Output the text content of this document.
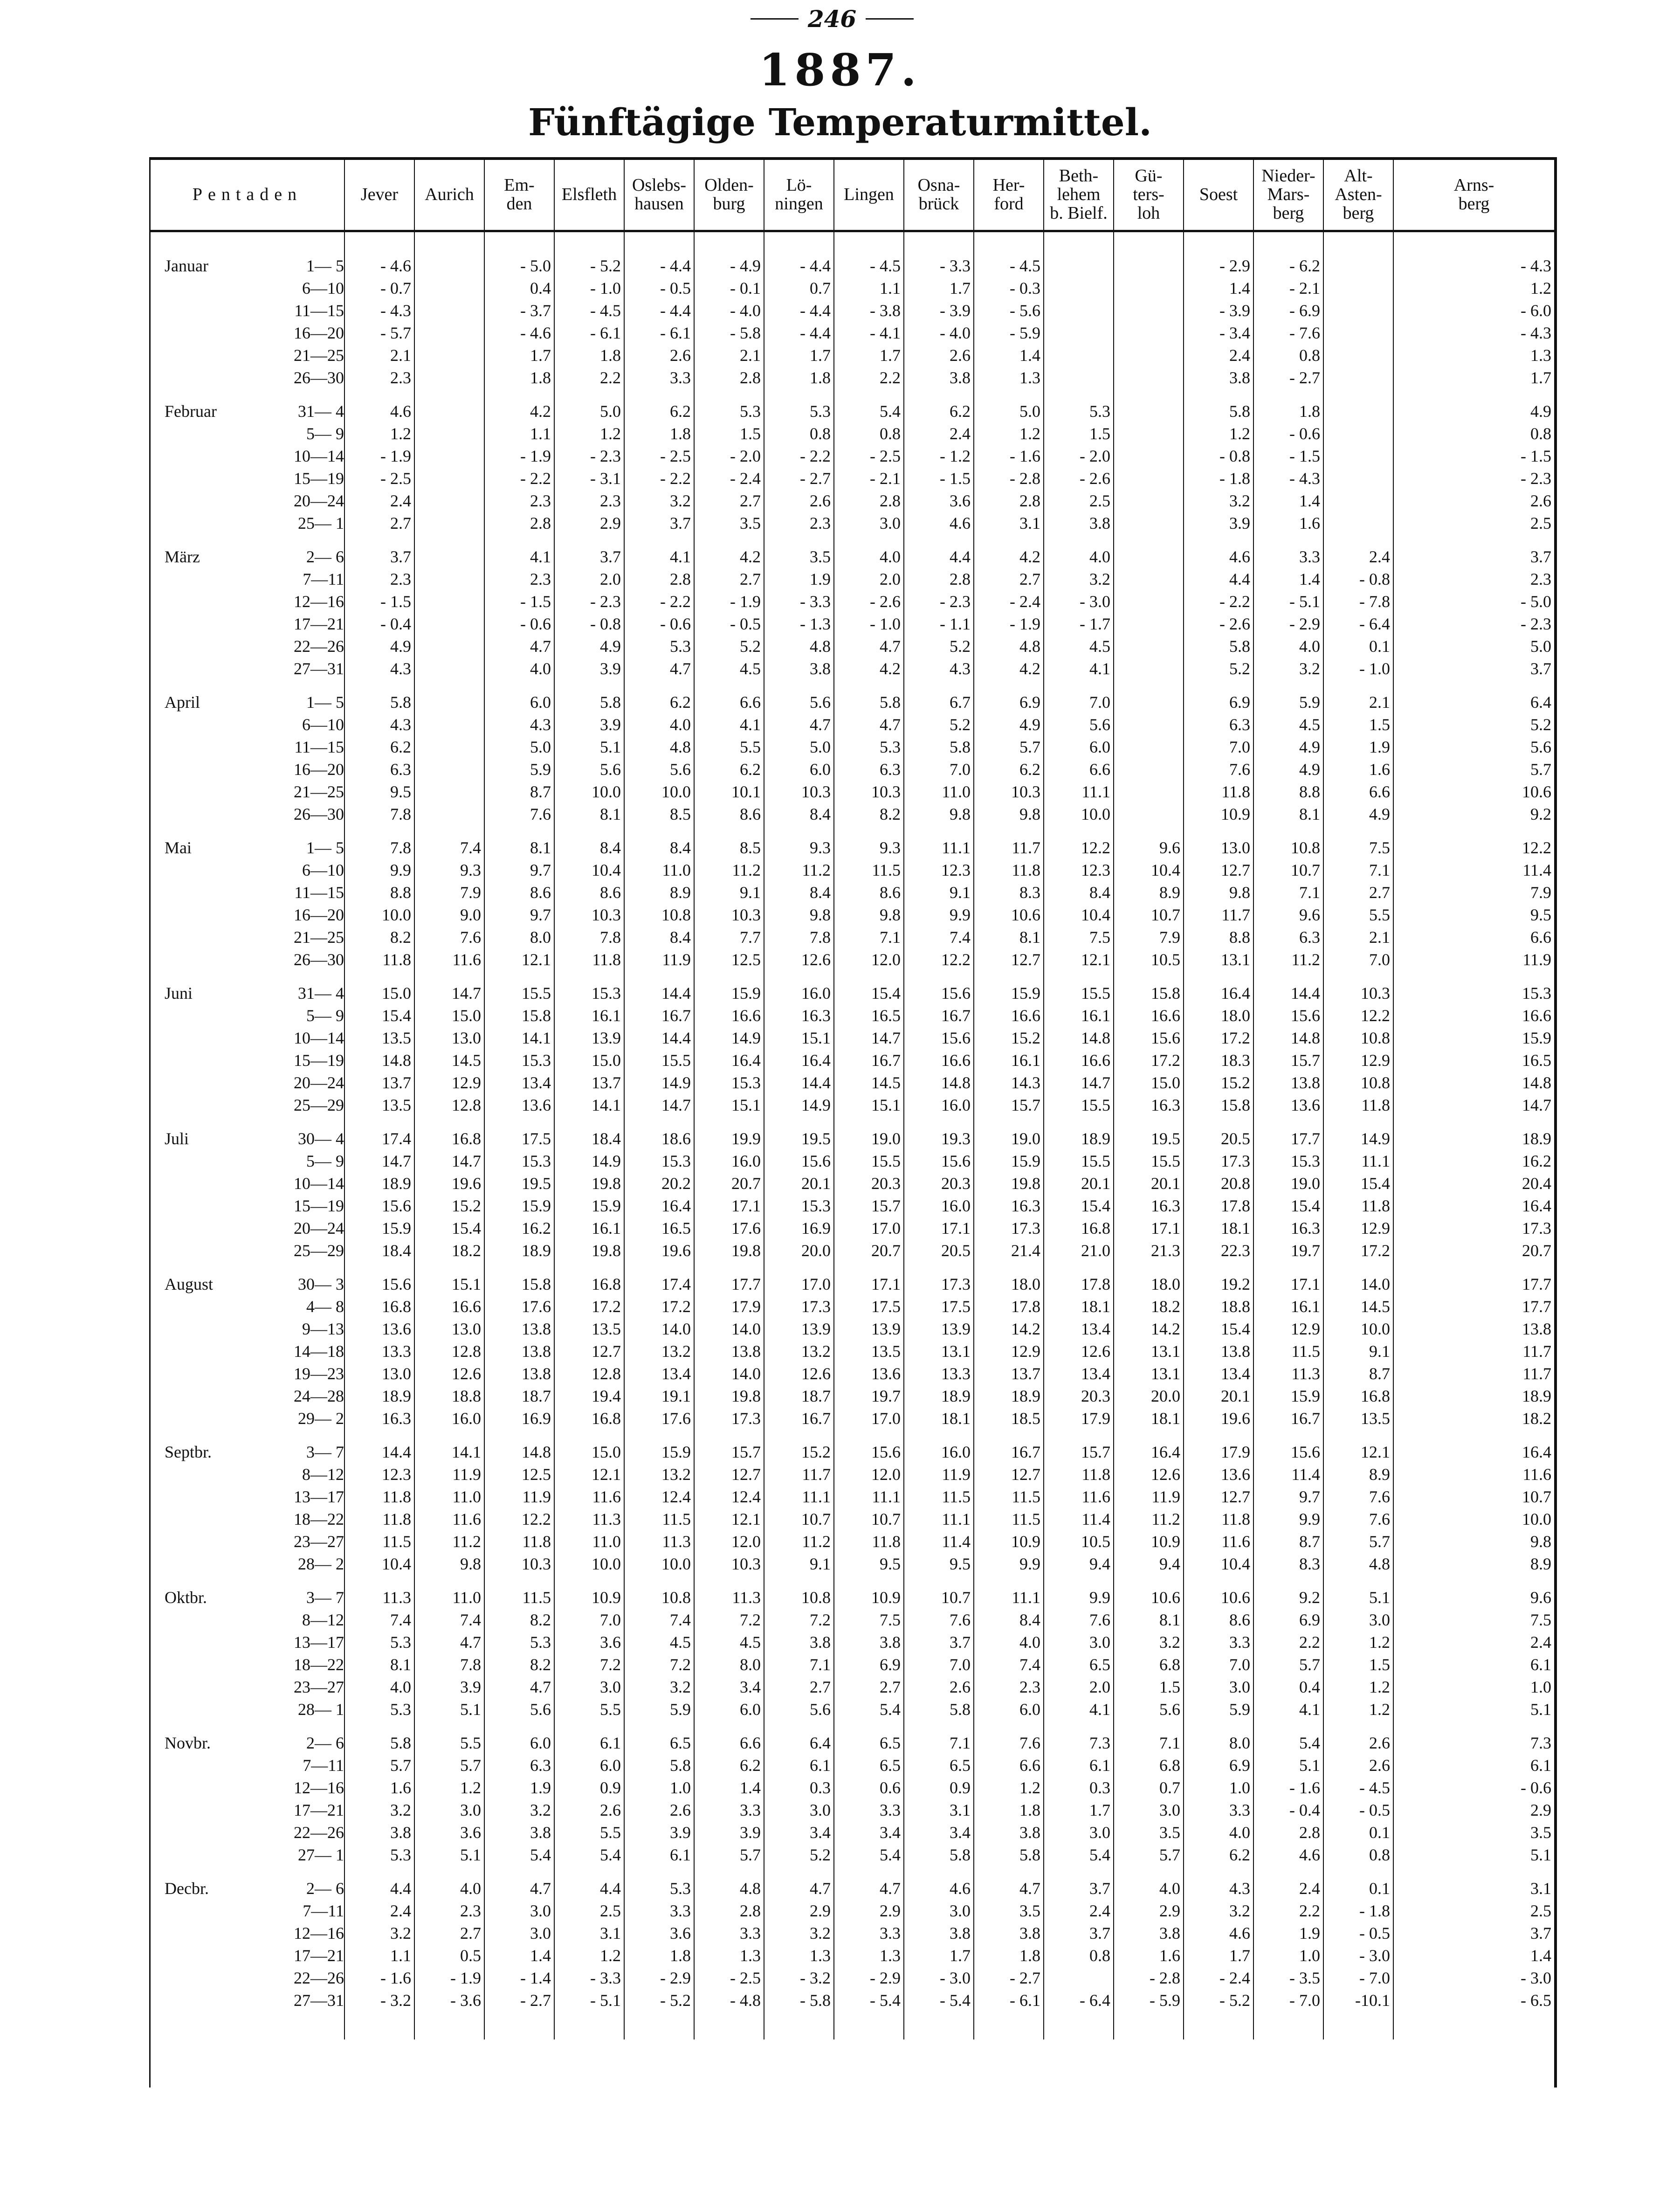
246
1887.
Fünftägige Temperaturmittel.
Pentaden	Jever	Aurich	Em-
den	Elsfleth	Oslebs-
hausen	Olden-
burg	Lö-
ningen	Lingen	Osna-
brück	Her-
ford	Beth-
lehem
b. Bielf.	Gü-
ters-
loh	Soest	Nieder-
Mars-
berg	Alt-
Asten-
berg	Arns-
berg

Januar 1— 5	- 4.6		- 5.0	- 5.2	- 4.4	- 4.9	- 4.4	- 4.5	- 3.3	- 4.5			- 2.9	- 6.2		- 4.3
6—10	- 0.7		0.4	- 1.0	- 0.5	- 0.1	0.7	1.1	1.7	- 0.3			1.4	- 2.1		1.2
11—15	- 4.3		- 3.7	- 4.5	- 4.4	- 4.0	- 4.4	- 3.8	- 3.9	- 5.6			- 3.9	- 6.9		- 6.0
16—20	- 5.7		- 4.6	- 6.1	- 6.1	- 5.8	- 4.4	- 4.1	- 4.0	- 5.9			- 3.4	- 7.6		- 4.3
21—25	2.1		1.7	1.8	2.6	2.1	1.7	1.7	2.6	1.4			2.4	0.8		1.3
26—30	2.3		1.8	2.2	3.3	2.8	1.8	2.2	3.8	1.3			3.8	- 2.7		1.7

Februar 31— 4	4.6		4.2	5.0	6.2	5.3	5.3	5.4	6.2	5.0	5.3		5.8	1.8		4.9
5— 9	1.2		1.1	1.2	1.8	1.5	0.8	0.8	2.4	1.2	1.5		1.2	- 0.6		0.8
10—14	- 1.9		- 1.9	- 2.3	- 2.5	- 2.0	- 2.2	- 2.5	- 1.2	- 1.6	- 2.0		- 0.8	- 1.5		- 1.5
15—19	- 2.5		- 2.2	- 3.1	- 2.2	- 2.4	- 2.7	- 2.1	- 1.5	- 2.8	- 2.6		- 1.8	- 4.3		- 2.3
20—24	2.4		2.3	2.3	3.2	2.7	2.6	2.8	3.6	2.8	2.5		3.2	1.4		2.6
25— 1	2.7		2.8	2.9	3.7	3.5	2.3	3.0	4.6	3.1	3.8		3.9	1.6		2.5

März 2— 6	3.7		4.1	3.7	4.1	4.2	3.5	4.0	4.4	4.2	4.0		4.6	3.3	2.4	3.7
7—11	2.3		2.3	2.0	2.8	2.7	1.9	2.0	2.8	2.7	3.2		4.4	1.4	- 0.8	2.3
12—16	- 1.5		- 1.5	- 2.3	- 2.2	- 1.9	- 3.3	- 2.6	- 2.3	- 2.4	- 3.0		- 2.2	- 5.1	- 7.8	- 5.0
17—21	- 0.4		- 0.6	- 0.8	- 0.6	- 0.5	- 1.3	- 1.0	- 1.1	- 1.9	- 1.7		- 2.6	- 2.9	- 6.4	- 2.3
22—26	4.9		4.7	4.9	5.3	5.2	4.8	4.7	5.2	4.8	4.5		5.8	4.0	0.1	5.0
27—31	4.3		4.0	3.9	4.7	4.5	3.8	4.2	4.3	4.2	4.1		5.2	3.2	- 1.0	3.7

April 1— 5	5.8		6.0	5.8	6.2	6.6	5.6	5.8	6.7	6.9	7.0		6.9	5.9	2.1	6.4
6—10	4.3		4.3	3.9	4.0	4.1	4.7	4.7	5.2	4.9	5.6		6.3	4.5	1.5	5.2
11—15	6.2		5.0	5.1	4.8	5.5	5.0	5.3	5.8	5.7	6.0		7.0	4.9	1.9	5.6
16—20	6.3		5.9	5.6	5.6	6.2	6.0	6.3	7.0	6.2	6.6		7.6	4.9	1.6	5.7
21—25	9.5		8.7	10.0	10.0	10.1	10.3	10.3	11.0	10.3	11.1		11.8	8.8	6.6	10.6
26—30	7.8		7.6	8.1	8.5	8.6	8.4	8.2	9.8	9.8	10.0		10.9	8.1	4.9	9.2

Mai 1— 5	7.8	7.4	8.1	8.4	8.4	8.5	9.3	9.3	11.1	11.7	12.2	9.6	13.0	10.8	7.5	12.2
6—10	9.9	9.3	9.7	10.4	11.0	11.2	11.2	11.5	12.3	11.8	12.3	10.4	12.7	10.7	7.1	11.4
11—15	8.8	7.9	8.6	8.6	8.9	9.1	8.4	8.6	9.1	8.3	8.4	8.9	9.8	7.1	2.7	7.9
16—20	10.0	9.0	9.7	10.3	10.8	10.3	9.8	9.8	9.9	10.6	10.4	10.7	11.7	9.6	5.5	9.5
21—25	8.2	7.6	8.0	7.8	8.4	7.7	7.8	7.1	7.4	8.1	7.5	7.9	8.8	6.3	2.1	6.6
26—30	11.8	11.6	12.1	11.8	11.9	12.5	12.6	12.0	12.2	12.7	12.1	10.5	13.1	11.2	7.0	11.9

Juni 31— 4	15.0	14.7	15.5	15.3	14.4	15.9	16.0	15.4	15.6	15.9	15.5	15.8	16.4	14.4	10.3	15.3
5— 9	15.4	15.0	15.8	16.1	16.7	16.6	16.3	16.5	16.7	16.6	16.1	16.6	18.0	15.6	12.2	16.6
10—14	13.5	13.0	14.1	13.9	14.4	14.9	15.1	14.7	15.6	15.2	14.8	15.6	17.2	14.8	10.8	15.9
15—19	14.8	14.5	15.3	15.0	15.5	16.4	16.4	16.7	16.6	16.1	16.6	17.2	18.3	15.7	12.9	16.5
20—24	13.7	12.9	13.4	13.7	14.9	15.3	14.4	14.5	14.8	14.3	14.7	15.0	15.2	13.8	10.8	14.8
25—29	13.5	12.8	13.6	14.1	14.7	15.1	14.9	15.1	16.0	15.7	15.5	16.3	15.8	13.6	11.8	14.7

Juli 30— 4	17.4	16.8	17.5	18.4	18.6	19.9	19.5	19.0	19.3	19.0	18.9	19.5	20.5	17.7	14.9	18.9
5— 9	14.7	14.7	15.3	14.9	15.3	16.0	15.6	15.5	15.6	15.9	15.5	15.5	17.3	15.3	11.1	16.2
10—14	18.9	19.6	19.5	19.8	20.2	20.7	20.1	20.3	20.3	19.8	20.1	20.1	20.8	19.0	15.4	20.4
15—19	15.6	15.2	15.9	15.9	16.4	17.1	15.3	15.7	16.0	16.3	15.4	16.3	17.8	15.4	11.8	16.4
20—24	15.9	15.4	16.2	16.1	16.5	17.6	16.9	17.0	17.1	17.3	16.8	17.1	18.1	16.3	12.9	17.3
25—29	18.4	18.2	18.9	19.8	19.6	19.8	20.0	20.7	20.5	21.4	21.0	21.3	22.3	19.7	17.2	20.7

August 30— 3	15.6	15.1	15.8	16.8	17.4	17.7	17.0	17.1	17.3	18.0	17.8	18.0	19.2	17.1	14.0	17.7
4— 8	16.8	16.6	17.6	17.2	17.2	17.9	17.3	17.5	17.5	17.8	18.1	18.2	18.8	16.1	14.5	17.7
9—13	13.6	13.0	13.8	13.5	14.0	14.0	13.9	13.9	13.9	14.2	13.4	14.2	15.4	12.9	10.0	13.8
14—18	13.3	12.8	13.8	12.7	13.2	13.8	13.2	13.5	13.1	12.9	12.6	13.1	13.8	11.5	9.1	11.7
19—23	13.0	12.6	13.8	12.8	13.4	14.0	12.6	13.6	13.3	13.7	13.4	13.1	13.4	11.3	8.7	11.7
24—28	18.9	18.8	18.7	19.4	19.1	19.8	18.7	19.7	18.9	18.9	20.3	20.0	20.1	15.9	16.8	18.9
29— 2	16.3	16.0	16.9	16.8	17.6	17.3	16.7	17.0	18.1	18.5	17.9	18.1	19.6	16.7	13.5	18.2

Septbr. 3— 7	14.4	14.1	14.8	15.0	15.9	15.7	15.2	15.6	16.0	16.7	15.7	16.4	17.9	15.6	12.1	16.4
8—12	12.3	11.9	12.5	12.1	13.2	12.7	11.7	12.0	11.9	12.7	11.8	12.6	13.6	11.4	8.9	11.6
13—17	11.8	11.0	11.9	11.6	12.4	12.4	11.1	11.1	11.5	11.5	11.6	11.9	12.7	9.7	7.6	10.7
18—22	11.8	11.6	12.2	11.3	11.5	12.1	10.7	10.7	11.1	11.5	11.4	11.2	11.8	9.9	7.6	10.0
23—27	11.5	11.2	11.8	11.0	11.3	12.0	11.2	11.8	11.4	10.9	10.5	10.9	11.6	8.7	5.7	9.8
28— 2	10.4	9.8	10.3	10.0	10.0	10.3	9.1	9.5	9.5	9.9	9.4	9.4	10.4	8.3	4.8	8.9

Oktbr. 3— 7	11.3	11.0	11.5	10.9	10.8	11.3	10.8	10.9	10.7	11.1	9.9	10.6	10.6	9.2	5.1	9.6
8—12	7.4	7.4	8.2	7.0	7.4	7.2	7.2	7.5	7.6	8.4	7.6	8.1	8.6	6.9	3.0	7.5
13—17	5.3	4.7	5.3	3.6	4.5	4.5	3.8	3.8	3.7	4.0	3.0	3.2	3.3	2.2	1.2	2.4
18—22	8.1	7.8	8.2	7.2	7.2	8.0	7.1	6.9	7.0	7.4	6.5	6.8	7.0	5.7	1.5	6.1
23—27	4.0	3.9	4.7	3.0	3.2	3.4	2.7	2.7	2.6	2.3	2.0	1.5	3.0	0.4	1.2	1.0
28— 1	5.3	5.1	5.6	5.5	5.9	6.0	5.6	5.4	5.8	6.0	4.1	5.6	5.9	4.1	1.2	5.1

Novbr. 2— 6	5.8	5.5	6.0	6.1	6.5	6.6	6.4	6.5	7.1	7.6	7.3	7.1	8.0	5.4	2.6	7.3
7—11	5.7	5.7	6.3	6.0	5.8	6.2	6.1	6.5	6.5	6.6	6.1	6.8	6.9	5.1	2.6	6.1
12—16	1.6	1.2	1.9	0.9	1.0	1.4	0.3	0.6	0.9	1.2	0.3	0.7	1.0	- 1.6	- 4.5	- 0.6
17—21	3.2	3.0	3.2	2.6	2.6	3.3	3.0	3.3	3.1	1.8	1.7	3.0	3.3	- 0.4	- 0.5	2.9
22—26	3.8	3.6	3.8	5.5	3.9	3.9	3.4	3.4	3.4	3.8	3.0	3.5	4.0	2.8	0.1	3.5
27— 1	5.3	5.1	5.4	5.4	6.1	5.7	5.2	5.4	5.8	5.8	5.4	5.7	6.2	4.6	0.8	5.1

Decbr. 2— 6	4.4	4.0	4.7	4.4	5.3	4.8	4.7	4.7	4.6	4.7	3.7	4.0	4.3	2.4	0.1	3.1
7—11	2.4	2.3	3.0	2.5	3.3	2.8	2.9	2.9	3.0	3.5	2.4	2.9	3.2	2.2	- 1.8	2.5
12—16	3.2	2.7	3.0	3.1	3.6	3.3	3.2	3.3	3.8	3.8	3.7	3.8	4.6	1.9	- 0.5	3.7
17—21	1.1	0.5	1.4	1.2	1.8	1.3	1.3	1.3	1.7	1.8	0.8	1.6	1.7	1.0	- 3.0	1.4
22—26	- 1.6	- 1.9	- 1.4	- 3.3	- 2.9	- 2.5	- 3.2	- 2.9	- 3.0	- 2.7		- 2.8	- 2.4	- 3.5	- 7.0	- 3.0
27—31	- 3.2	- 3.6	- 2.7	- 5.1	- 5.2	- 4.8	- 5.8	- 5.4	- 5.4	- 6.1	- 6.4	- 5.9	- 5.2	- 7.0	-10.1	- 6.5
